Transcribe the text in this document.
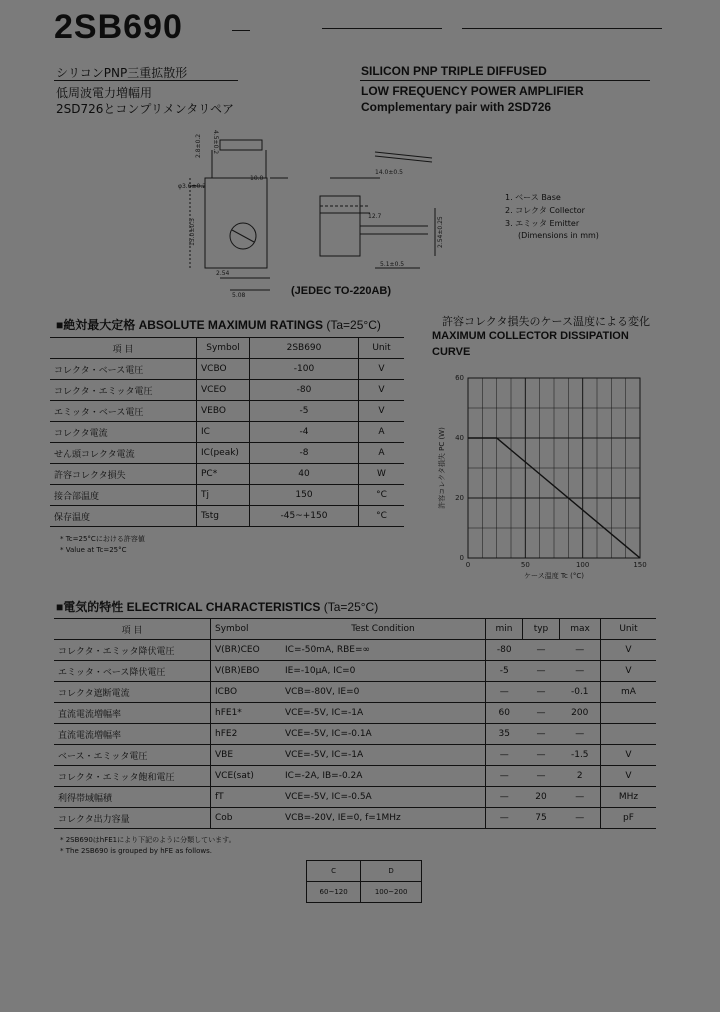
2SB690
シリコンPNP三重拡散形
低周波電力増幅用
2SD726とコンプリメンタリペア
SILICON PNP TRIPLE DIFFUSED
LOW FREQUENCY POWER AMPLIFIER
Complementary pair with 2SD726
4.5±0.2
2.8±0.2
φ3.6±0.2
15.0±0.5
10.0
14.0±0.5
12.7	2.54±0.25
5.1±0.5
2.54
5.08	(JEDEC TO-220AB)
1. ベース Base
2. コレクタ Collector
3. エミッタ Emitter
(Dimensions in mm)
■絶対最大定格 ABSOLUTE MAXIMUM RATINGS (Ta=25°C)
項 目	Symbol	2SB690	Unit
コレクタ・ベース電圧	VCBO	-100	V
コレクタ・エミッタ電圧	VCEO	-80	V
エミッタ・ベース電圧	VEBO	-5	V
コレクタ電流	IC	-4	A
せん頭コレクタ電流	IC(peak)	-8	A
許容コレクタ損失	PC*	40	W
接合部温度	Tj	150	°C
保存温度	Tstg	-45~+150	°C
* Tc=25°Cにおける許容値
* Value at Tc=25°C
許容コレクタ損失のケース温度による変化
MAXIMUM COLLECTOR DISSIPATION
CURVE
0	50	100	150
0
20
40
60
ケース温度 Tc (°C)
許容コレクタ損失 PC (W)
■電気的特性 ELECTRICAL CHARACTERISTICS (Ta=25°C)
項 目	Symbol	Test Condition	min	typ	max	Unit
コレクタ・エミッタ降伏電圧	V(BR)CEO	IC=-50mA, RBE=∞	-80	—	—	V
エミッタ・ベース降伏電圧	V(BR)EBO	IE=-10μA, IC=0	-5	—	—	V
コレクタ遮断電流	ICBO	VCB=-80V, IE=0	—	—	-0.1	mA
直流電流増幅率	hFE1*	VCE=-5V, IC=-1A	60	—	200	
直流電流増幅率	hFE2	VCE=-5V, IC=-0.1A	35	—	—	
ベース・エミッタ電圧	VBE	VCE=-5V, IC=-1A	—	—	-1.5	V
コレクタ・エミッタ飽和電圧	VCE(sat)	IC=-2A, IB=-0.2A	—	—	2	V
利得帯域幅積	fT	VCE=-5V, IC=-0.5A	—	20	—	MHz
コレクタ出力容量	Cob	VCB=-20V, IE=0, f=1MHz	—	75	—	pF
* 2SB690はhFE1により下記のように分類しています。
* The 2SB690 is grouped by hFE as follows.
C	D
60~120	100~200
